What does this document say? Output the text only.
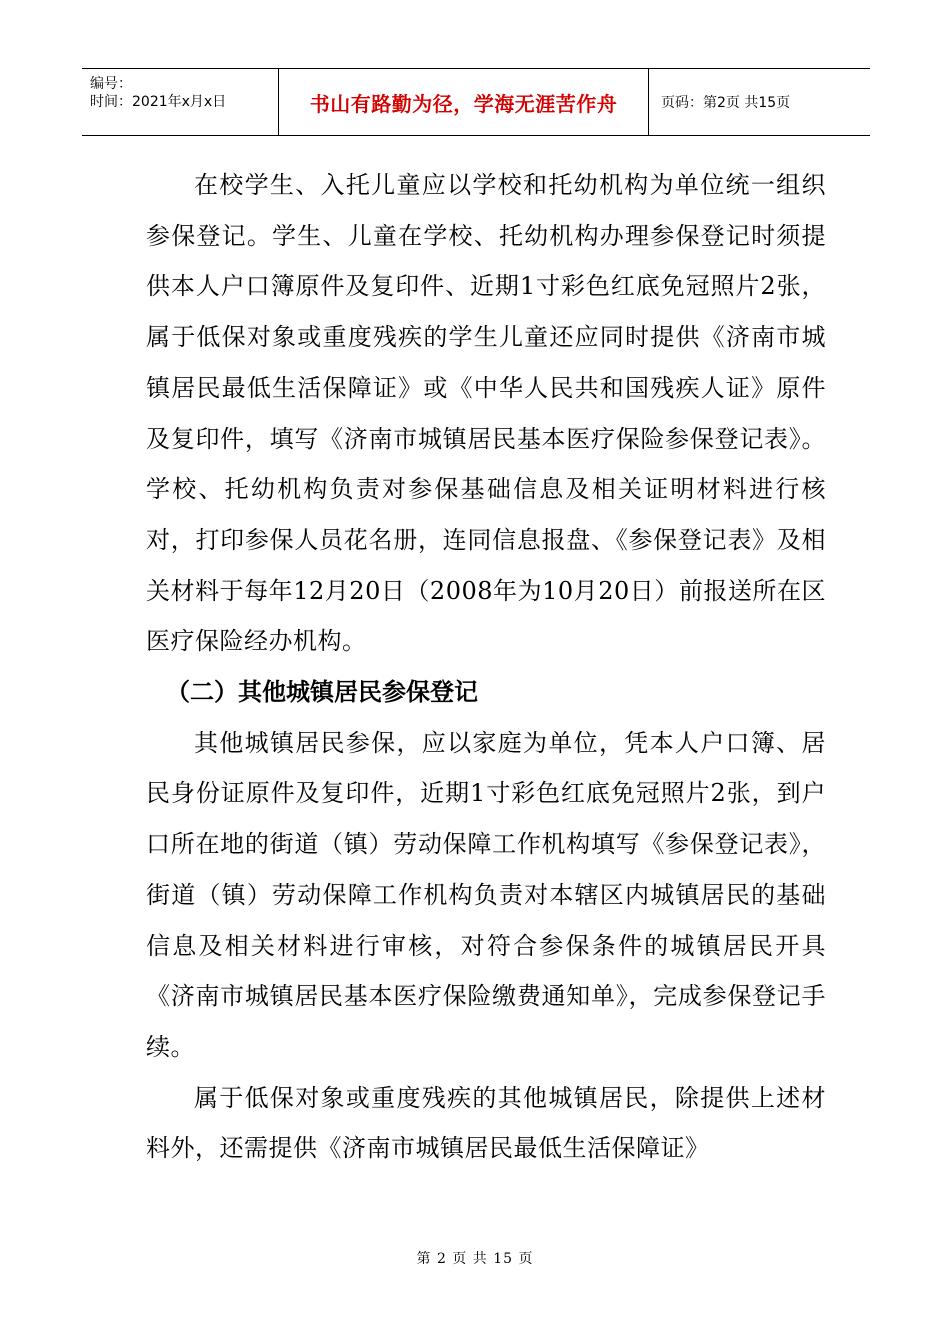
编号：
时间：2021年x月x日	书山有路勤为径，学海无涯苦作舟	页码：第2页 共15页

在校学生、入托儿童应以学校和托幼机构为单位统一组织参保登记。学生、儿童在学校、托幼机构办理参保登记时须提供本人户口簿原件及复印件、近期1寸彩色红底免冠照片2张，属于低保对象或重度残疾的学生儿童还应同时提供《济南市城镇居民最低生活保障证》或《中华人民共和国残疾人证》原件及复印件，填写《济南市城镇居民基本医疗保险参保登记表》。学校、托幼机构负责对参保基础信息及相关证明材料进行核对，打印参保人员花名册，连同信息报盘、《参保登记表》及相关材料于每年12月20日（2008年为10月20日）前报送所在区医疗保险经办机构。

（二）其他城镇居民参保登记

其他城镇居民参保，应以家庭为单位，凭本人户口簿、居民身份证原件及复印件，近期1寸彩色红底免冠照片2张，到户口所在地的街道（镇）劳动保障工作机构填写《参保登记表》，街道（镇）劳动保障工作机构负责对本辖区内城镇居民的基础信息及相关材料进行审核，对符合参保条件的城镇居民开具《济南市城镇居民基本医疗保险缴费通知单》，完成参保登记手续。

属于低保对象或重度残疾的其他城镇居民，除提供上述材料外，还需提供《济南市城镇居民最低生活保障证》

第 2 页 共 15 页
